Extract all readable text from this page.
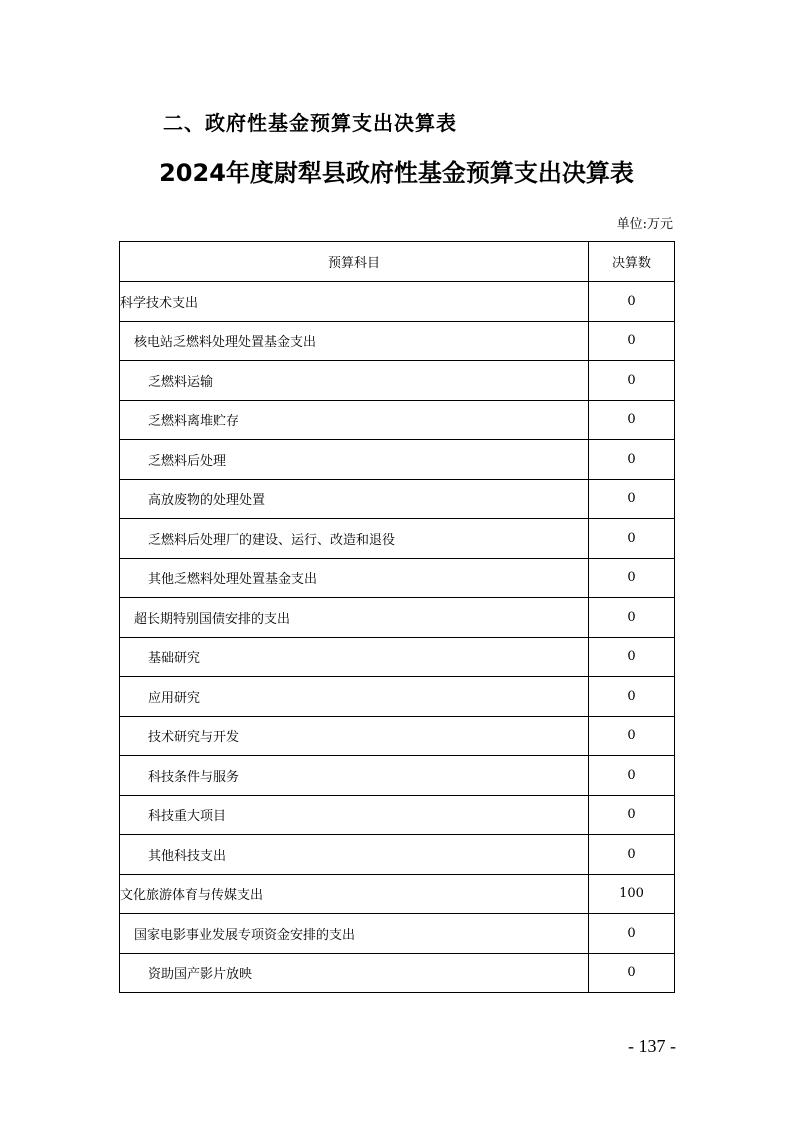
二、政府性基金预算支出决算表
2024年度尉犁县政府性基金预算支出决算表
单位:万元
预算科目	决算数
科学技术支出	0
核电站乏燃料处理处置基金支出	0
乏燃料运输	0
乏燃料离堆贮存	0
乏燃料后处理	0
高放废物的处理处置	0
乏燃料后处理厂的建设、运行、改造和退役	0
其他乏燃料处理处置基金支出	0
超长期特别国债安排的支出	0
基础研究	0
应用研究	0
技术研究与开发	0
科技条件与服务	0
科技重大项目	0
其他科技支出	0
文化旅游体育与传媒支出	100
国家电影事业发展专项资金安排的支出	0
资助国产影片放映	0
- 137 -
